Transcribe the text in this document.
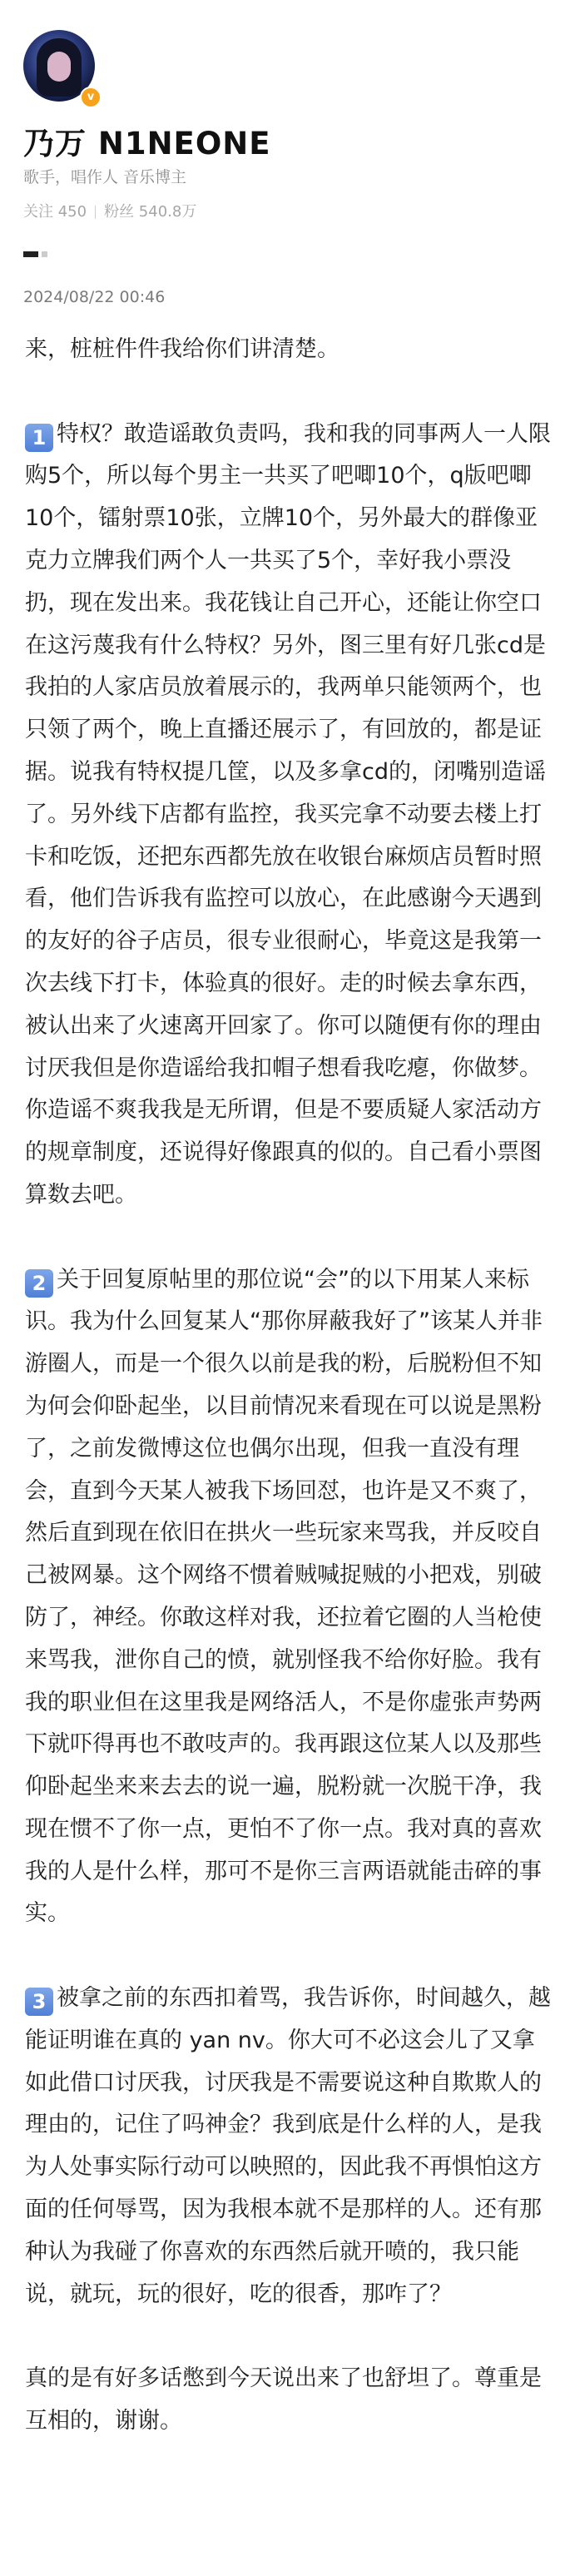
v
乃万 N1NEONE
歌手，唱作人 音乐博主
关注 450 粉丝 540.8万
2024/08/22 00:46

来，桩桩件件我给你们讲清楚。

1 特权？敢造谣敢负责吗，我和我的同事两人一人限购5个，所以每个男主一共买了吧唧10个，q版吧唧10个，镭射票10张，立牌10个，另外最大的群像亚克力立牌我们两个人一共买了5个，幸好我小票没扔，现在发出来。我花钱让自己开心，还能让你空口在这污蔑我有什么特权？另外，图三里有好几张cd是我拍的人家店员放着展示的，我两单只能领两个，也只领了两个，晚上直播还展示了，有回放的，都是证据。说我有特权提几筐，以及多拿cd的，闭嘴别造谣了。另外线下店都有监控，我买完拿不动要去楼上打卡和吃饭，还把东西都先放在收银台麻烦店员暂时照看，他们告诉我有监控可以放心，在此感谢今天遇到的友好的谷子店员，很专业很耐心，毕竟这是我第一次去线下打卡，体验真的很好。走的时候去拿东西，被认出来了火速离开回家了。你可以随便有你的理由讨厌我但是你造谣给我扣帽子想看我吃瘪，你做梦。你造谣不爽我我是无所谓，但是不要质疑人家活动方的规章制度，还说得好像跟真的似的。自己看小票图算数去吧。

2 关于回复原帖里的那位说“会”的以下用某人来标识。我为什么回复某人“那你屏蔽我好了”该某人并非游圈人，而是一个很久以前是我的粉，后脱粉但不知为何会仰卧起坐，以目前情况来看现在可以说是黑粉了，之前发微博这位也偶尔出现，但我一直没有理会，直到今天某人被我下场回怼，也许是又不爽了，然后直到现在依旧在拱火一些玩家来骂我，并反咬自己被网暴。这个网络不惯着贼喊捉贼的小把戏，别破防了，神经。你敢这样对我，还拉着它圈的人当枪使来骂我，泄你自己的愤，就别怪我不给你好脸。我有我的职业但在这里我是网络活人，不是你虚张声势两下就吓得再也不敢吱声的。我再跟这位某人以及那些仰卧起坐来来去去的说一遍，脱粉就一次脱干净，我现在惯不了你一点，更怕不了你一点。我对真的喜欢我的人是什么样，那可不是你三言两语就能击碎的事实。

3 被拿之前的东西扣着骂，我告诉你，时间越久，越能证明谁在真的 yan nv。你大可不必这会儿了又拿如此借口讨厌我，讨厌我是不需要说这种自欺欺人的理由的，记住了吗神金？我到底是什么样的人，是我为人处事实际行动可以映照的，因此我不再惧怕这方面的任何辱骂，因为我根本就不是那样的人。还有那种认为我碰了你喜欢的东西然后就开喷的，我只能说，就玩，玩的很好，吃的很香，那咋了？

真的是有好多话憋到今天说出来了也舒坦了。尊重是互相的，谢谢。
